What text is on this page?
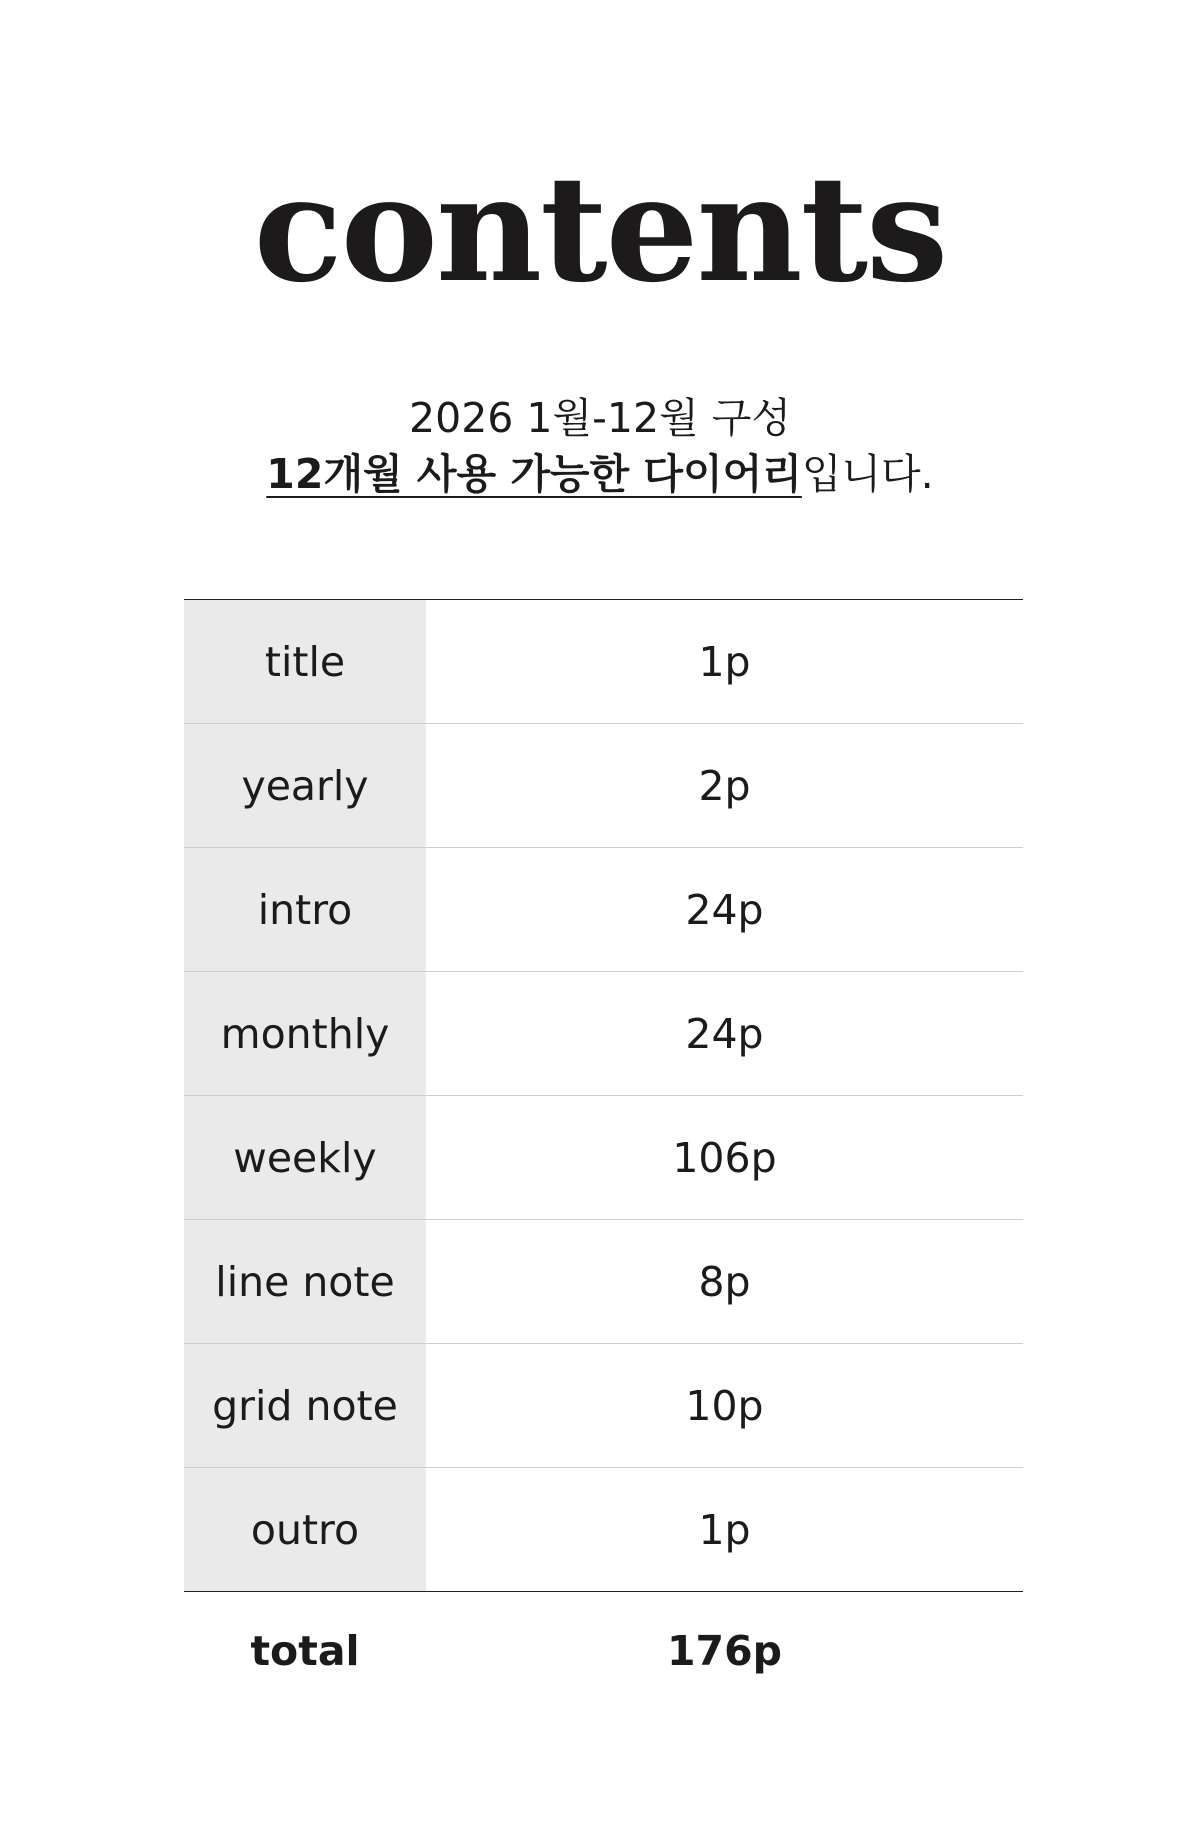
contents
2026 1월-12월 구성
12개월 사용 가능한 다이어리입니다.
title	1p
yearly	2p
intro	24p
monthly	24p
weekly	106p
line note	8p
grid note	10p
outro	1p
total	176p
